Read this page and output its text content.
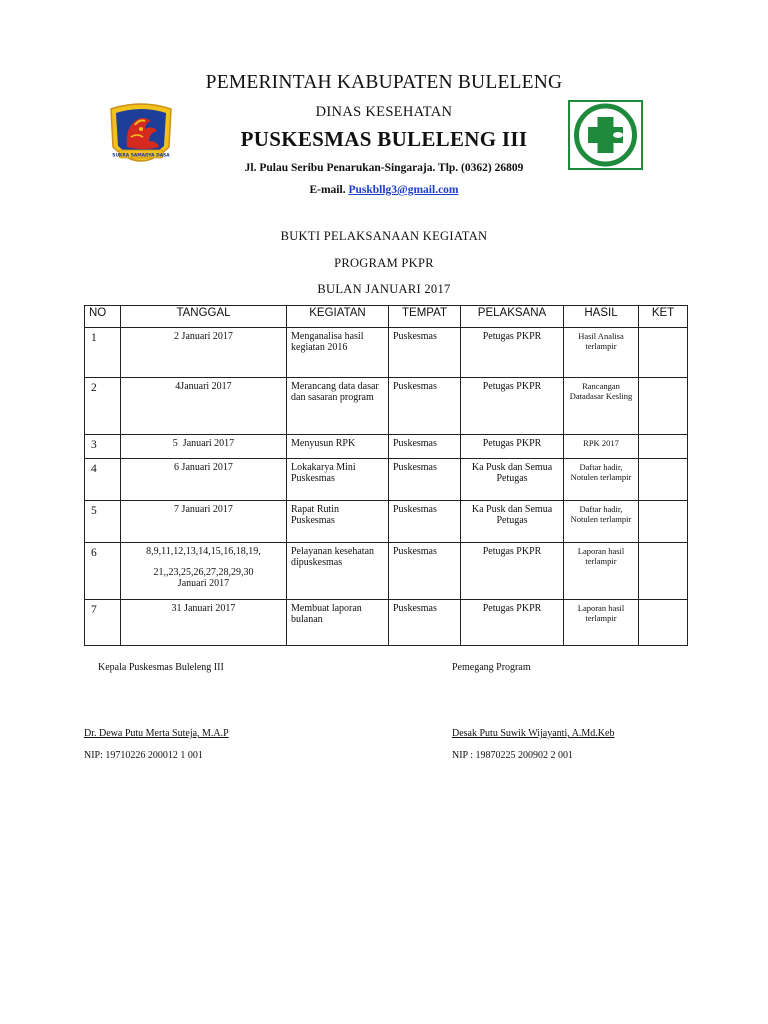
PEMERINTAH KABUPATEN BULELENG
DINAS KESEHATAN
PUSKESMAS BULELENG III
Jl. Pulau Seribu Penarukan-Singaraja. Tlp. (0362) 26809
E-mail. Puskbllg3@gmail.com
SUKRA SAMADYA DASA
BUKTI PELAKSANAAN KEGIATAN
PROGRAM PKPR
BULAN JANUARI 2017
NO	TANGGAL	KEGIATAN	TEMPAT	PELAKSANA	HASIL	KET
1	2 Januari 2017	Menganalisa hasil kegiatan 2016	Puskesmas	Petugas PKPR	Hasil Analisa terlampir	
2	4Januari 2017	Merancang data dasar dan sasaran program	Puskesmas	Petugas PKPR	Rancangan Datadasar Kesling	
3	5  Januari 2017	Menyusun RPK	Puskesmas	Petugas PKPR	RPK 2017	
4	6 Januari 2017	Lokakarya Mini Puskesmas	Puskesmas	Ka Pusk dan Semua Petugas	Daftar hadir, Notulen terlampir	
5	7 Januari 2017	Rapat Rutin Puskesmas	Puskesmas	Ka Pusk dan Semua Petugas	Daftar hadir, Notulen terlampir	
6	8,9,11,12,13,14,15,16,18,19,
21,,23,25,26,27,28,29,30 Januari 2017	Pelayanan kesehatan dipuskesmas	Puskesmas	Petugas PKPR	Laporan hasil terlampir	
7	31 Januari 2017	Membuat laporan bulanan	Puskesmas	Petugas PKPR	Laporan hasil terlampir	
Kepala Puskesmas Buleleng III	Pemegang Program
Dr. Dewa Putu Merta Suteja, M.A.P	Desak Putu Suwik Wijayanti, A.Md.Keb
NIP: 19710226 200012 1 001	NIP : 19870225 200902 2 001
